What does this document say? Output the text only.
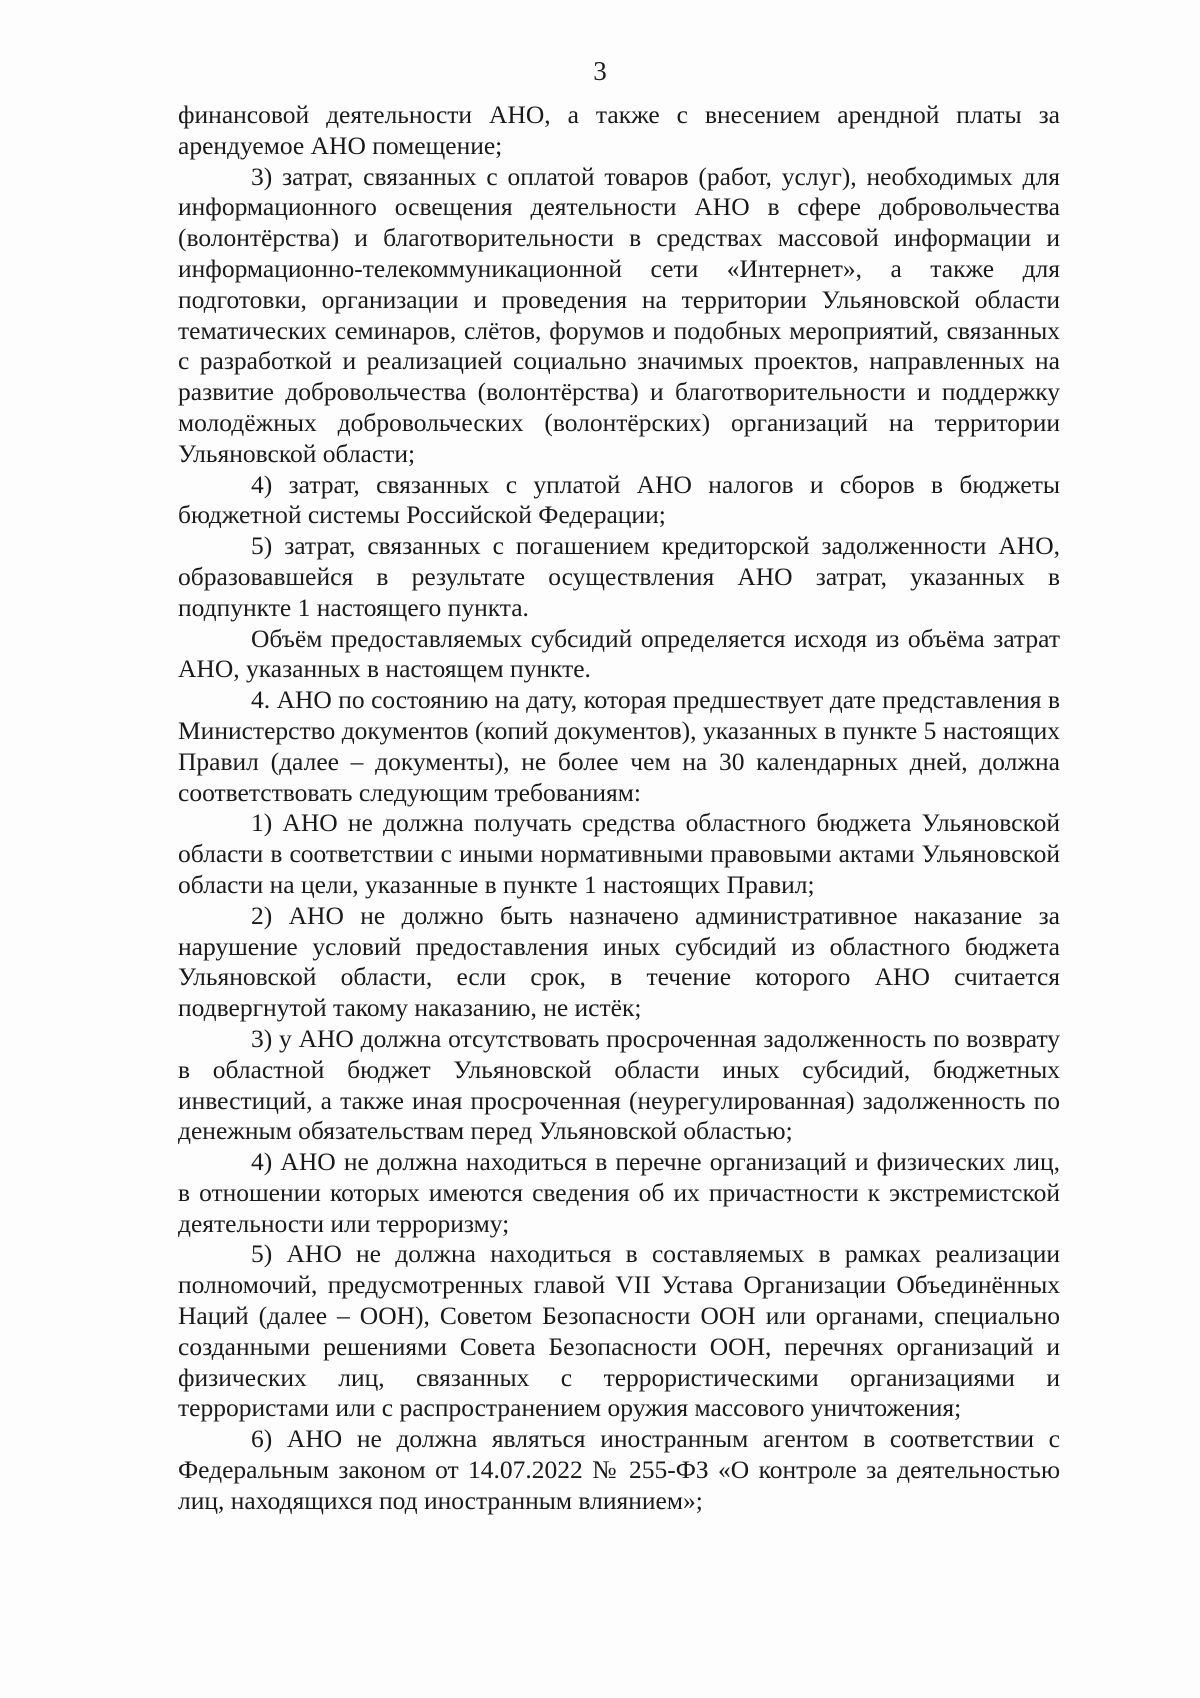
3

финансовой деятельности АНО, а также с внесением арендной платы за арендуемое АНО помещение;

3) затрат, связанных с оплатой товаров (работ, услуг), необходимых для информационного освещения деятельности АНО в сфере добровольчества (волонтёрства) и благотворительности в средствах массовой информации и информационно-телекоммуникационной сети «Интернет», а также для подготовки, организации и проведения на территории Ульяновской области тематических семинаров, слётов, форумов и подобных мероприятий, связанных с разработкой и реализацией социально значимых проектов, направленных на развитие добровольчества (волонтёрства) и благотворительности и поддержку молодёжных добровольческих (волонтёрских) организаций на территории Ульяновской области;

4) затрат, связанных с уплатой АНО налогов и сборов в бюджеты бюджетной системы Российской Федерации;

5) затрат, связанных с погашением кредиторской задолженности АНО, образовавшейся в результате осуществления АНО затрат, указанных в подпункте 1 настоящего пункта.

Объём предоставляемых субсидий определяется исходя из объёма затрат АНО, указанных в настоящем пункте.

4. АНО по состоянию на дату, которая предшествует дате представления в Министерство документов (копий документов), указанных в пункте 5 настоящих Правил (далее – документы), не более чем на 30 календарных дней, должна соответствовать следующим требованиям:

1) АНО не должна получать средства областного бюджета Ульяновской области в соответствии с иными нормативными правовыми актами Ульяновской области на цели, указанные в пункте 1 настоящих Правил;

2) АНО не должно быть назначено административное наказание за нарушение условий предоставления иных субсидий из областного бюджета Ульяновской области, если срок, в течение которого АНО считается подвергнутой такому наказанию, не истёк;

3) у АНО должна отсутствовать просроченная задолженность по возврату в областной бюджет Ульяновской области иных субсидий, бюджетных инвестиций, а также иная просроченная (неурегулированная) задолженность по денежным обязательствам перед Ульяновской областью;

4) АНО не должна находиться в перечне организаций и физических лиц, в отношении которых имеются сведения об их причастности к экстремистской деятельности или терроризму;

5) АНО не должна находиться в составляемых в рамках реализации полномочий, предусмотренных главой VII Устава Организации Объединённых Наций (далее – ООН), Советом Безопасности ООН или органами, специально созданными решениями Совета Безопасности ООН, перечнях организаций и физических лиц, связанных с террористическими организациями и террористами или с распространением оружия массового уничтожения;

6) АНО не должна являться иностранным агентом в соответствии с Федеральным законом от 14.07.2022 № 255-ФЗ «О контроле за деятельностью лиц, находящихся под иностранным влиянием»;
